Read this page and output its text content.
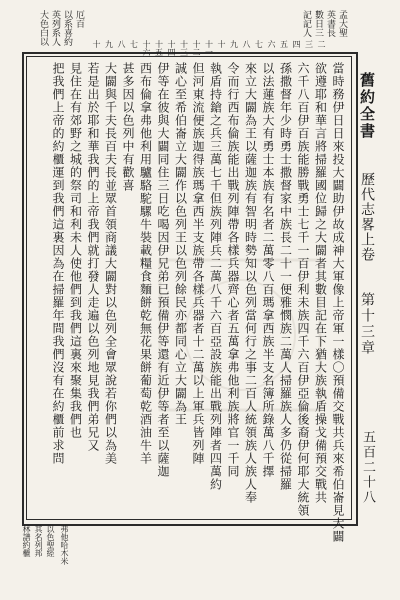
大色白以
英列系人
以系喜約
厄百
孟大聖
英書長
數日三
記記人
十 九 八 七 十六 十五 十四 十三 十二 十一 十 九 八 七 六 五 四 三 二
舊約全書
歷代志畧上卷
第十三章
五百二十八
當時務伊日日來投大闢助伊故成神大軍像上帝軍一樣〇預備交戰共兵來希伯崙見大闢
欲遵耶和華言將掃羅國位歸之大闢者其數目記在下猶大族執盾操戈備預交戰共
六千八百伊百族能勝戰勇士七千一百伊利未族四千六百伊亞倫後裔伊何耶大統領
孫撒督年少時勇士撒督家中族長二十一便雅憫族二萬人掃羅族人多仍從掃羅
以法蓮族大有勇士本族有名者二萬零八百瑪拿西族半支名簿所錄萬八千擇
來立大闢為王以薩迦族有智明時勢知以色列當何行之事二百人統領族人族人奉
令而行西布倫族能出戰列陣帶各樣兵器齊心者五萬拿弗他利族將官一千同
執盾持鎗之兵三萬七千但族列陣兵二萬八千六百亞設族能出戰列陣者四萬約
但河東流便族迦得族瑪拿西半支族帶各樣兵器者十二萬以上軍兵皆列陣
誠心至希伯崙立大闢作以色列王以色列餘民亦都同心立大闢為王
伊等在彼與大闢同住三日吃喝因伊兄弟已預備伊等還有近伊等者至以薩迦
西布倫拿弗他利用驢駱駝騾牛裝載糧食麵餅乾無花果餅葡萄乾酒油牛羊
甚多因以色列中有歡喜
大闢與千夫長百夫長並眾首領商議大闢對以色列全會眾說若你們以為美
若是出於耶和華我們的上帝我們就打發人走遍以色列地見我們弟兄又
見住在有郊野之城的祭司和利未人使他們到我們這裏來聚集我們也
把我們上帝的約櫃運到我們這裏因為在掃羅年間我們沒有在約櫃前求問
林譜約櫃
其名列邦
以色聖經
弗他哈木米
